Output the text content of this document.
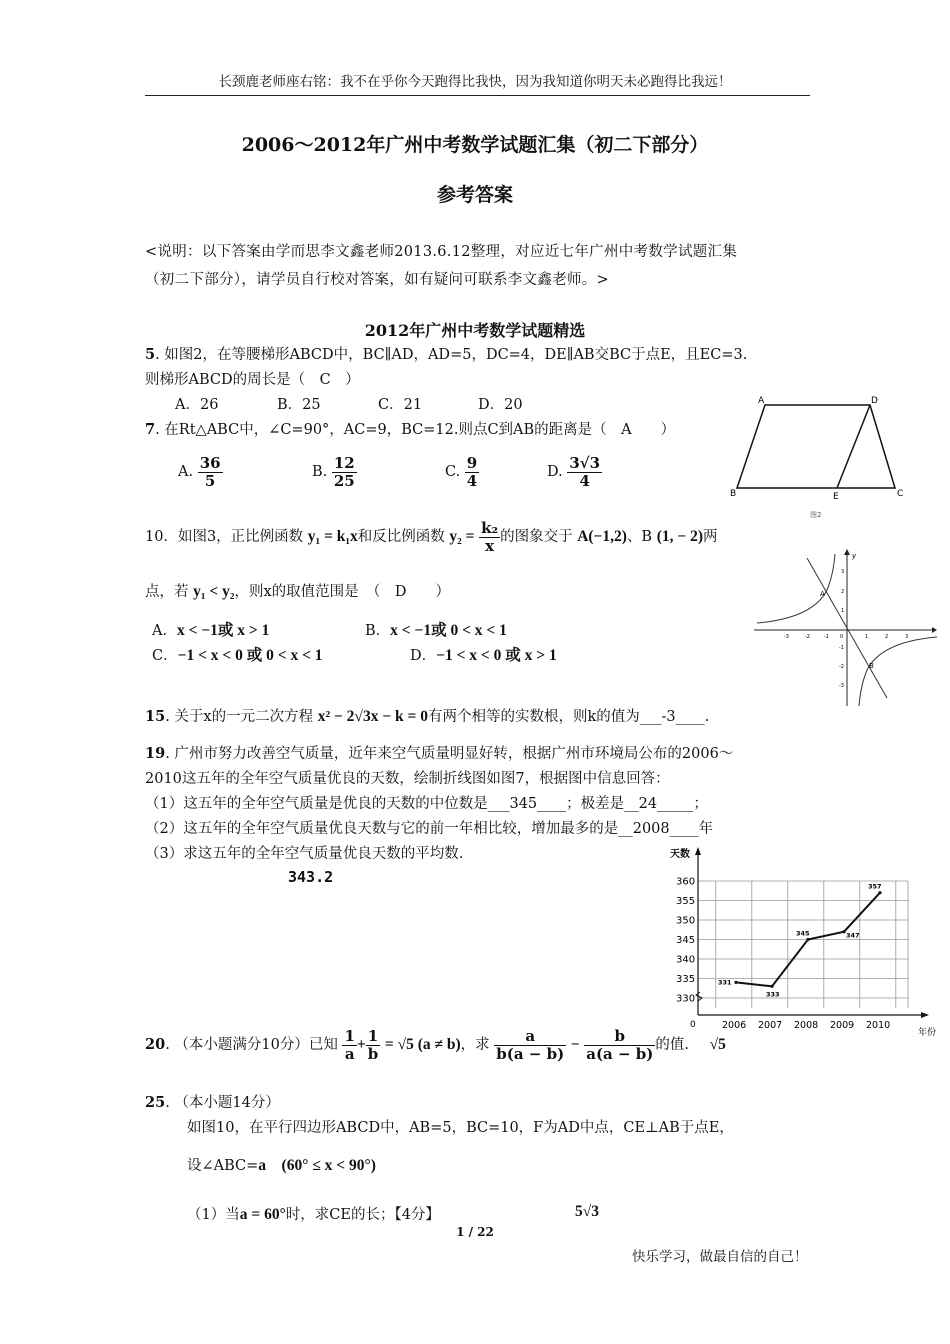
长颈鹿老师座右铭：我不在乎你今天跑得比我快，因为我知道你明天未必跑得比我远！
2006～2012年广州中考数学试题汇集（初二下部分）
参考答案
<说明：以下答案由学而思李文鑫老师2013.6.12整理，对应近七年广州中考数学试题汇集
（初二下部分），请学员自行校对答案，如有疑问可联系李文鑫老师。>
2012年广州中考数学试题精选
5. 如图2，在等腰梯形ABCD中，BC∥AD，AD=5，DC=4，DE∥AB交BC于点E，且EC=3.
则梯形ABCD的周长是（　C　）
A．26	B．25	C．21	D．20
7. 在Rt△ABC中，∠C=90°，AC=9，BC=12.则点C到AB的距离是（　A　　）
A. $\frac{36}{5}$	B. $\frac{12}{25}$	C. $\frac{9}{4}$	D. $\frac{3√3}{4}$
A	D
B	E	C
图2
10．如图3，正比例函数 y₁ = k₁x和反比例函数 $y_2 = \frac{\text{k₂}}{x}$ 的图象交于 A(−1,2)、B (1, − 2)两
点，若 y₁ < y₂，则x的取值范围是　（　D　　）
A．x < −1或 x > 1	B．x < −1或 0 < x < 1
C．−1 < x < 0 或 0 < x < 1	D．−1 < x < 0 或 x > 1
y
A
B
-3	-2	-1 0	1	2	3
3
2
1
-1
-2
-3
15. 关于x的一元二次方程 x² − 2√3x − k = 0有两个相等的实数根，则k的值为___-3____.
19. 广州市努力改善空气质量，近年来空气质量明显好转，根据广州市环境局公布的2006～
2010这五年的全年空气质量优良的天数，绘制折线图如图7，根据图中信息回答：
（1）这五年的全年空气质量是优良的天数的中位数是___345____；极差是__24_____；
（2）这五年的全年空气质量优良天数与它的前一年相比较，增加最多的是__2008____年
（3）求这五年的全年空气质量优良天数的平均数.
343.2
天数
年份
0
360
355
350
345
340
335
330
2006 2007 2008 2009 2010
331
333
345	347
357
20. （本小题满分10分）已知 $\frac{1}{a} + \frac{1}{b} = √5$ (a ≠ b)，求 $\frac{a}{b(a - b)} - \frac{b}{a(a - b)}$ 的值. √5
25. （本小题14分）
如图10，在平行四边形ABCD中，AB=5，BC=10，F为AD中点，CE⊥AB于点E，
设∠ABC=a　(60° ≤ x < 90°)
（1）当a = 60°时，求CE的长；【4分】	5√3
1 / 22
快乐学习，做最自信的自己！
